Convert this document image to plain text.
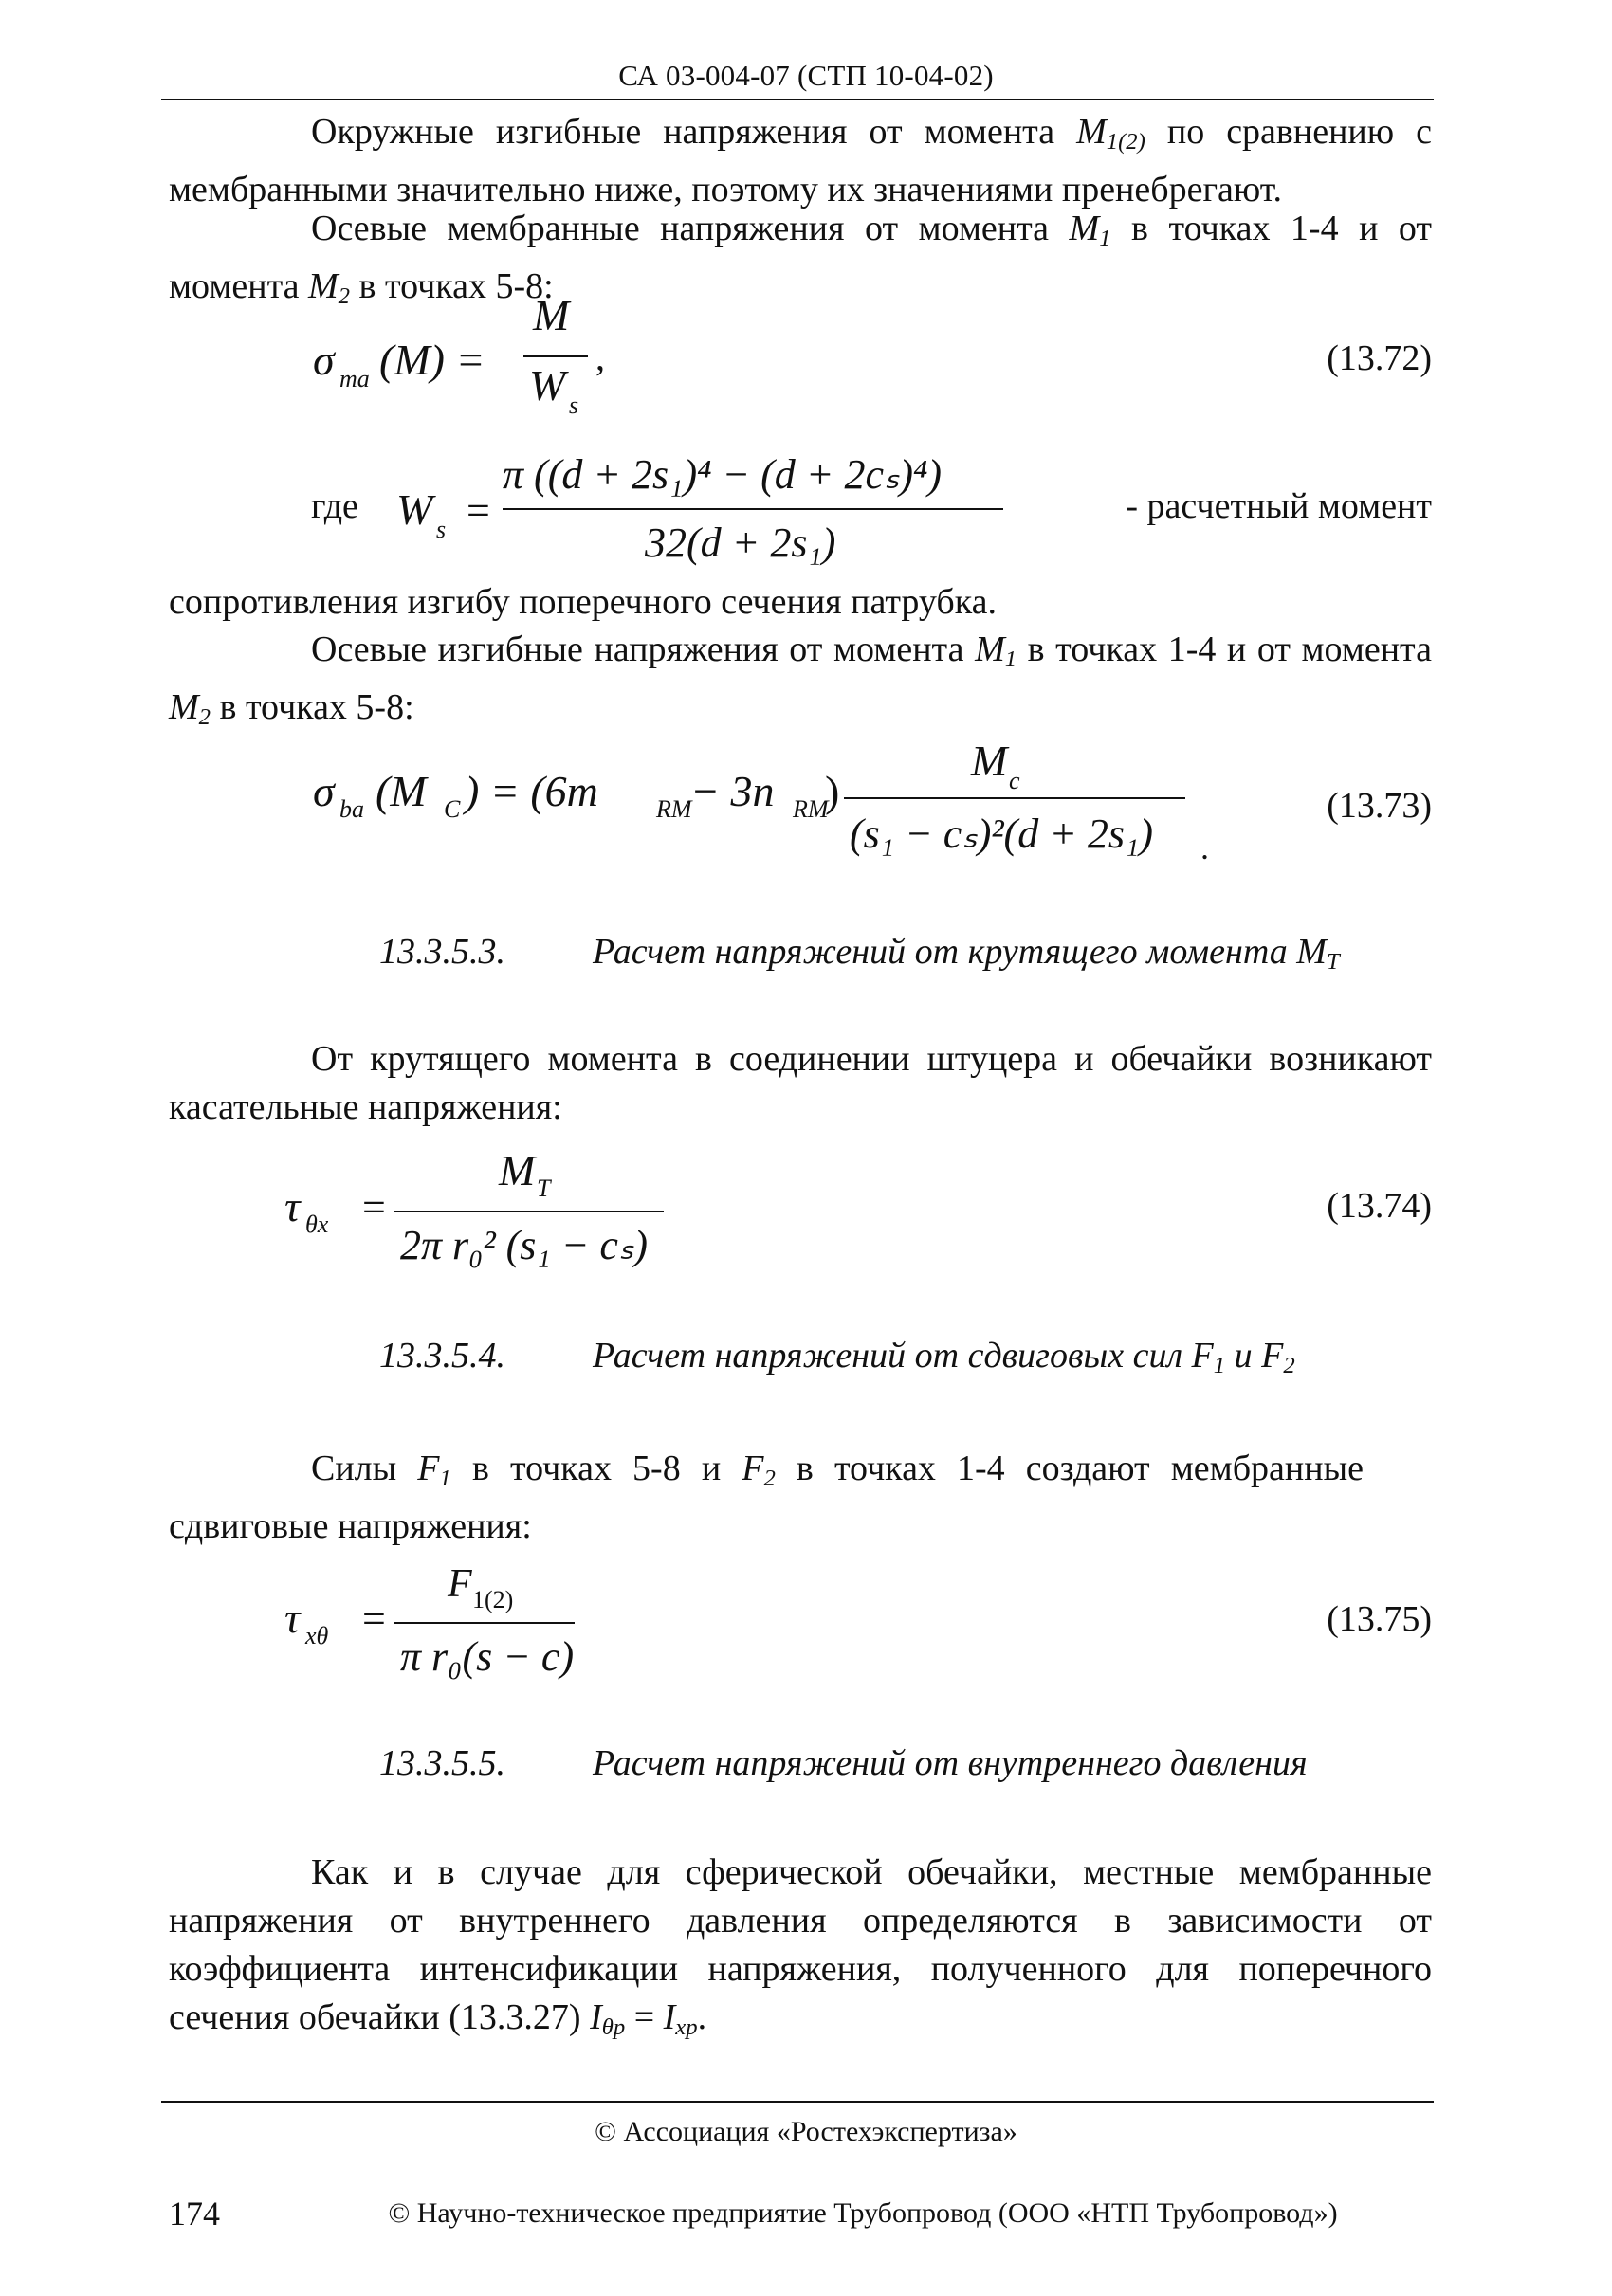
СА 03-004-07 (СТП 10-04-02)
Окружные изгибные напряжения от момента $M_{1(2)}$ по сравнению с мембранными значительно ниже, поэтому их значениями пренебрегают.
Осевые мембранные напряжения от момента $M_1$ в точках 1-4 и от момента $M_2$ в точках 5-8:
σ ma (M) =
M
W s
,	(13.72)
где W s =
π ((d + 2s₁)⁴ − (d + 2cₛ)⁴)
32(d + 2s₁)
- расчетный момент
сопротивления изгибу поперечного сечения патрубка.
Осевые изгибные напряжения от момента $M_1$ в точках 1-4 и от момента $M_2$ в точках 5-8:
σ ba (M C ) = (6m RM
− 3n RM
)
M c
(s₁ − cₛ)²(d + 2s₁) .
(13.73)
13.3.5.3. Расчет напряжений от крутящего момента $M_T$
От крутящего момента в соединении штуцера и обечайки возникают касательные напряжения:
τ θx =
M T
2π r₀² (s₁ − cₛ)
(13.74)
13.3.5.4. Расчет напряжений от сдвиговых сил $F_1$ и $F_2$
Силы $F_1$ в точках 5-8 и $F_2$ в точках 1-4 создают мембранные сдвиговые напряжения:
τ xθ =
F 1(2)
π r₀(s − c)
(13.75)
13.3.5.5. Расчет напряжений от внутреннего давления
Как и в случае для сферической обечайки, местные мембранные напряжения от внутреннего давления определяются в зависимости от коэффициента интенсификации напряжения, полученного для поперечного сечения обечайки (13.3.27) $I_{\theta p} = I_{xp}$.
© Ассоциация «Ростехэкспертиза»
© Научно-техническое предприятие Трубопровод (ООО «НТП Трубопровод»)
174
